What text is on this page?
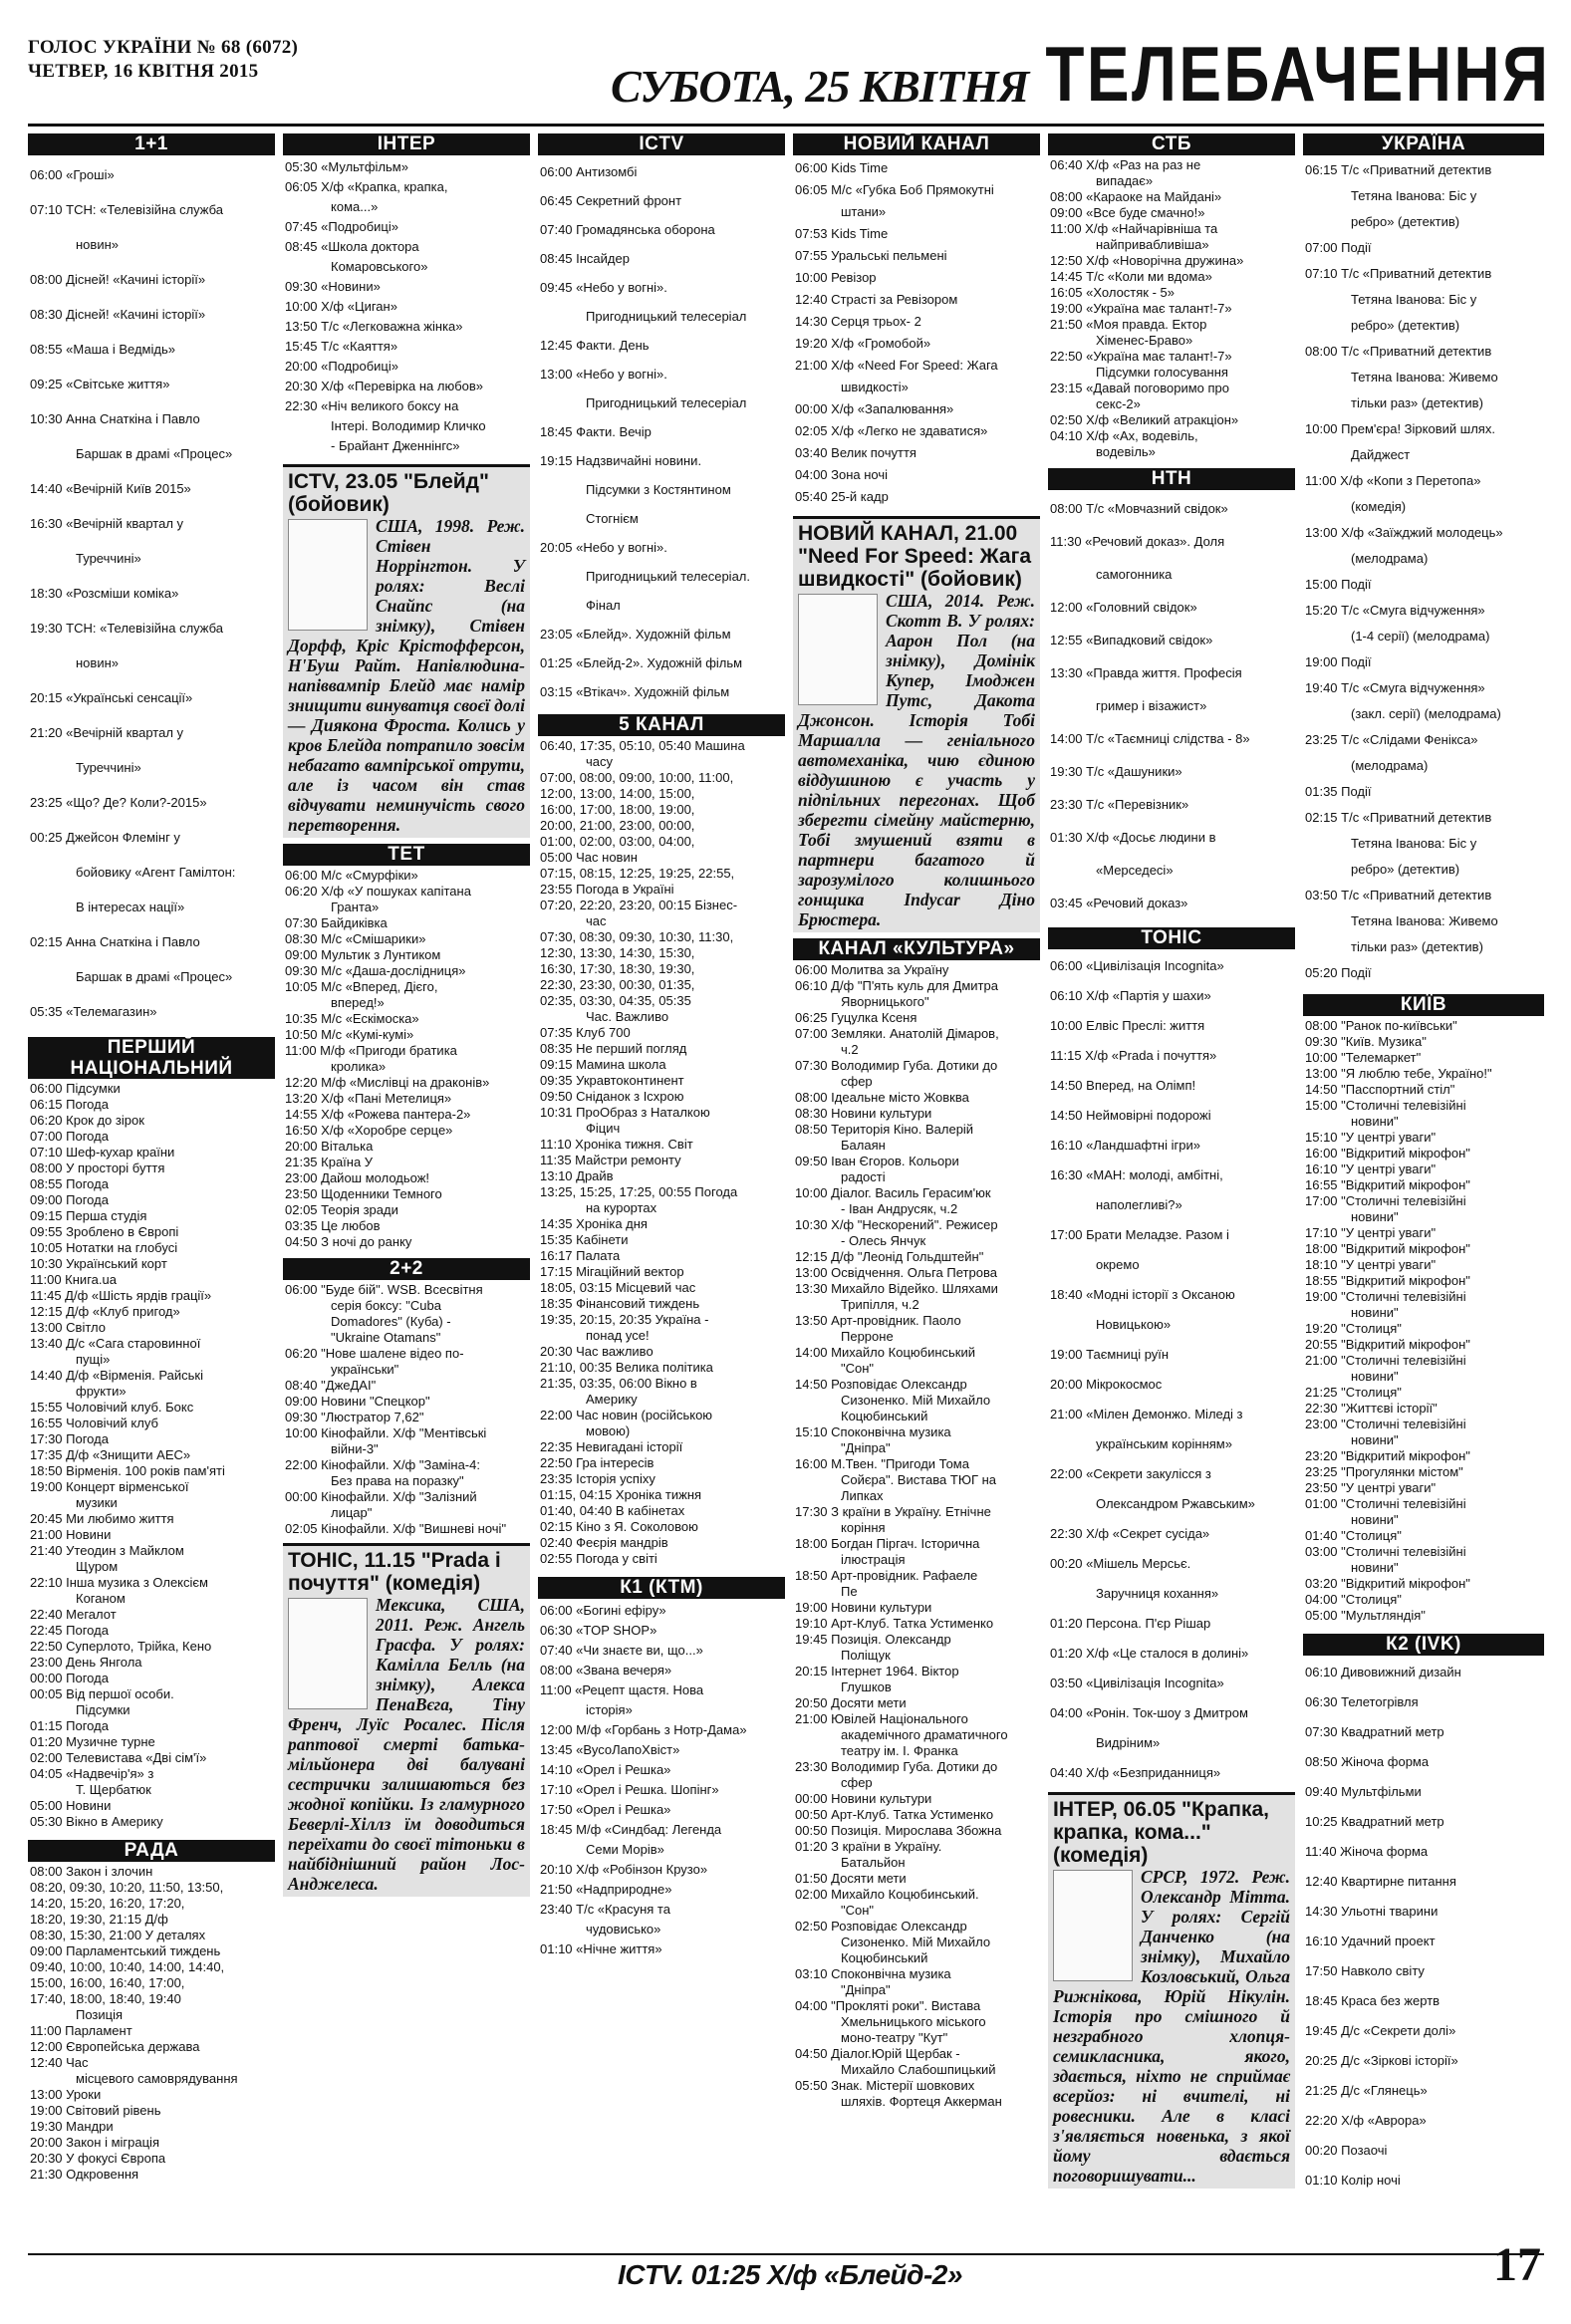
ГОЛОС УКРАЇНИ № 68 (6072)
ЧЕТВЕР, 16 КВІТНЯ 2015	СУБОТА, 25 КВІТНЯ ТЕЛЕБАЧЕННЯ
1+1
06:00 «Гроші»
07:10 ТСН: «Телевізійна служба
новин»
08:00 Дісней! «Качині історії»
08:30 Дісней! «Качині історії»
08:55 «Маша і Ведмідь»
09:25 «Світське життя»
10:30 Анна Снаткіна і Павло
Баршак в драмі «Процес»
14:40 «Вечірній Київ 2015»
16:30 «Вечірній квартал у
Туреччині»
18:30 «Розсміши коміка»
19:30 ТСН: «Телевізійна служба
новин»
20:15 «Українські сенсації»
21:20 «Вечірній квартал у
Туреччині»
23:25 «Що? Де? Коли?-2015»
00:25 Джейсон Флемінг у
бойовику «Агент Гамілтон:
В інтересах нації»
02:15 Анна Снаткіна і Павло
Баршак в драмі «Процес»
05:35 «Телемагазин»
ПЕРШИЙ НАЦІОНАЛЬНИЙ
06:00 Підсумки
06:15 Погода
06:20 Крок до зірок
07:00 Погода
07:10 Шеф-кухар країни
08:00 У просторі буття
08:55 Погода
09:00 Погода
09:15 Перша студія
09:55 Зроблено в Європі
10:05 Нотатки на глобусі
10:30 Український корт
11:00 Книга.ua
11:45 Д/ф «Шість ярдів грації»
12:15 Д/ф «Клуб пригод»
13:00 Світло
13:40 Д/с «Сага старовинної
пущі»
14:40 Д/ф «Вірменія. Райські
фрукти»
15:55 Чоловічий клуб. Бокс
16:55 Чоловічий клуб
17:30 Погода
17:35 Д/ф «Знищити АЕС»
18:50 Вірменія. 100 років пам'яті
19:00 Концерт вірменської
музики
20:45 Ми любимо життя
21:00 Новини
21:40 Утеодин з Майклом
Щуром
22:10 Інша музика з Олексієм
Коганом
22:40 Мегалот
22:45 Погода
22:50 Суперлото, Трійка, Кено
23:00 День Янгола
00:00 Погода
00:05 Від першої особи.
Підсумки
01:15 Погода
01:20 Музичне турне
02:00 Телевистава «Дві сім'ї»
04:05 «Надвечір'я» з
Т. Щербатюк
05:00 Новини
05:30 Вікно в Америку
РАДА
08:00 Закон і злочин
08:20, 09:30, 10:20, 11:50, 13:50,
14:20, 15:20, 16:20, 17:20,
18:20, 19:30, 21:15 Д/ф
08:30, 15:30, 21:00 У деталях
09:00 Парламентський тиждень
09:40, 10:00, 10:40, 14:00, 14:40,
15:00, 16:00, 16:40, 17:00,
17:40, 18:00, 18:40, 19:40
Позиція
11:00 Парламент
12:00 Європейська держава
12:40 Час
місцевого самоврядування
13:00 Уроки
19:00 Світовий рівень
19:30 Мандри
20:00 Закон і міграція
20:30 У фокусі Європа
21:30 Одкровення
ІНТЕР
05:30 «Мультфільм»
06:05 Х/ф «Крапка, крапка,
кома...»
07:45 «Подробиці»
08:45 «Школа доктора
Комаровського»
09:30 «Новини»
10:00 Х/ф «Циган»
13:50 Т/с «Легковажна жінка»
15:45 Т/с «Каяття»
20:00 «Подробиці»
20:30 Х/ф «Перевірка на любов»
22:30 «Ніч великого боксу на
Інтері. Володимир Кличко
- Брайант Дженнінгс»
ICTV, 23.05 "Блейд" (бойовик)
США, 1998. Реж. Стівен Норрінгтон. У ролях: Веслі Снайпс (на знімку), Стівен Дорфф, Кріс Крістофферсон, Н'Буш Райт. Напівлюдина-напіввампір Блейд має намір знищити винуватця своєї долі — Дияконa Фроста. Колись у кров Блейда потрапило зовсім небагато вампірської отрути, але із часом він став відчувати неминучість свого перетворення.
ТЕТ
06:00 М/с «Смурфіки»
06:20 Х/ф «У пошуках капітана
Гранта»
07:30 Байдиківка
08:30 М/с «Смішарики»
09:00 Мультик з Лунтиком
09:30 М/с «Даша-дослідниця»
10:05 М/с «Вперед, Дієго,
вперед!»
10:35 М/с «Ескімоска»
10:50 М/с «Кумі-кумі»
11:00 М/ф «Пригоди братика
кролика»
12:20 М/ф «Мислівці на драконів»
13:20 Х/ф «Пані Метелиця»
14:55 Х/ф «Рожева пантера-2»
16:50 Х/ф «Хоробре серце»
20:00 Віталька
21:35 Країна У
23:00 Дайош молодьож!
23:50 Щоденники Темного
02:05 Теорія зради
03:35 Це любов
04:50 З ночі до ранку
2+2
06:00 "Буде бій". WSB. Всесвітня
серія боксу: "Cuba
Domadores" (Куба) -
"Ukraine Otamans"
06:20 "Нове шалене відео по-
українськи"
08:40 "ДжеДАІ"
09:00 Новини "Спецкор"
09:30 "Люстратор 7,62"
10:00 Кінофайли. Х/ф "Ментівські
війни-3"
22:00 Кінофайли. Х/ф "Заміна-4:
Без права на поразку"
00:00 Кінофайли. Х/ф "Залізний
лицар"
02:05 Кінофайли. Х/ф "Вишневі ночі"
ТОНІС, 11.15 "Prada і почуття" (комедія)
Мексика, США, 2011. Реж. Ангель Грасфа. У ролях: Камілла Белль (на знімку), Алекса ПенаВєга, Тіну Френч, Луїс Росалес. Після раптової смерті батька-мільйонера дві балувані сестрички залишаються без жодної копійки. Із гламурного Беверлі-Хіллз їм доводиться переїхати до своєї тітоньки в найбіднішний район Лос-Анджелеса.
ICTV
06:00 Антизомбі
06:45 Секретний фронт
07:40 Громадянська оборона
08:45 Інсайдер
09:45 «Небо у вогні».
Пригодницький телесеріал
12:45 Факти. День
13:00 «Небо у вогні».
Пригодницький телесеріал
18:45 Факти. Вечір
19:15 Надзвичайні новини.
Підсумки з Костянтином
Стогнієм
20:05 «Небо у вогні».
Пригодницький телесеріал.
Фінал
23:05 «Блейд». Художній фільм
01:25 «Блейд-2». Художній фільм
03:15 «Втікач». Художній фільм
5 КАНАЛ
06:40, 17:35, 05:10, 05:40 Машина
часу
07:00, 08:00, 09:00, 10:00, 11:00,
12:00, 13:00, 14:00, 15:00,
16:00, 17:00, 18:00, 19:00,
20:00, 21:00, 23:00, 00:00,
01:00, 02:00, 03:00, 04:00,
05:00 Час новин
07:15, 08:15, 12:25, 19:25, 22:55,
23:55 Погода в Україні
07:20, 22:20, 23:20, 00:15 Бізнес-
час
07:30, 08:30, 09:30, 10:30, 11:30,
12:30, 13:30, 14:30, 15:30,
16:30, 17:30, 18:30, 19:30,
22:30, 23:30, 00:30, 01:35,
02:35, 03:30, 04:35, 05:35
Час. Важливо
07:35 Клуб 700
08:35 Не перший погляд
09:15 Мамина школа
09:35 Укравтоконтинент
09:50 Сніданок з Ісхрою
10:31 ПроОбраз з Наталкою
Фіцич
11:10 Хроніка тижня. Світ
11:35 Майстри ремонту
13:10 Драйв
13:25, 15:25, 17:25, 00:55 Погода
на курортах
14:35 Хроніка дня
15:35 Кабінети
16:17 Палата
17:15 Мігаційний вектор
18:05, 03:15 Місцевий час
18:35 Фінансовий тиждень
19:35, 20:15, 20:35 Україна -
понад усе!
20:30 Час важливо
21:10, 00:35 Велика політика
21:35, 03:35, 06:00 Вікно в
Америку
22:00 Час новин (російською
мовою)
22:35 Невигадані історії
22:50 Гра інтересів
23:35 Історія успіху
01:15, 04:15 Хроніка тижня
01:40, 04:40 В кабінетах
02:15 Кіно з Я. Соколовою
02:40 Феєрія мандрів
02:55 Погода у світі
К1 (КТМ)
06:00 «Богині ефіру»
06:30 «TOP SHOP»
07:40 «Чи знаєте ви, що...»
08:00 «Звана вечеря»
11:00 «Рецепт щастя. Нова
історія»
12:00 М/ф «Горбань з Нотр-Дама»
13:45 «ВусоЛапоХвіст»
14:10 «Орел і Решка»
17:10 «Орел і Решка. Шопінг»
17:50 «Орел і Решка»
18:45 М/ф «Синдбад: Легенда
Семи Морів»
20:10 Х/ф «Робінзон Крузо»
21:50 «Надприродне»
23:40 Т/с «Красуня та
чудовисько»
01:10 «Нічне життя»
НОВИЙ КАНАЛ
06:00 Kids Time
06:05 М/с «Губка Боб Прямокутні
штани»
07:53 Kids Time
07:55 Уральські пельмені
10:00 Ревізор
12:40 Стрaсті за Ревізором
14:30 Серця трьох- 2
19:20 Х/ф «Громобой»
21:00 Х/ф «Need For Speed: Жага
швидкості»
00:00 Х/ф «Запалювання»
02:05 Х/ф «Легко не здаватися»
03:40 Велик почуття
04:00 Зона ночі
05:40 25-й кадр
НОВИЙ КАНАЛ, 21.00 "Need For Speed: Жага швидкості" (бойовик)
США, 2014. Реж. Скотт В. У ролях: Аарон Пол (на знімку), Домінік Купер, Імоджен Путс, Дакота Джонсон. Історія Тобі Маршалла — геніального автомеханіка, чию єдиною віддушиною є участь у підпільних перегонах. Щоб зберегти сімейну майстерню, Тобі змушений взяти в партнери багатого й зарозумілого колишнього гонщика Indycar Діно Брюстера.
КАНАЛ «КУЛЬТУРА»
06:00 Молитва за Україну
06:10 Д/ф "П'ять куль для Дмитра
Яворницького"
06:25 Гуцулка Ксеня
07:00 Земляки. Анатолій Дімаров,
ч.2
07:30 Володимир Губа. Дотики до
сфер
08:00 Ідеальне місто Жовква
08:30 Новини культури
08:50 Територія Кіно. Валерій
Балаян
09:50 Іван Єгоров. Кольори
радості
10:00 Діалог. Василь Герасим'юк
- Іван Андрусяк, ч.2
10:30 Х/ф "Нескорений". Режисер
- Олесь Янчук
12:15 Д/ф "Леонід Гольдштейн"
13:00 Освідчення. Ольга Петрова
13:30 Михайло Відейко. Шляхами
Трипілля, ч.2
13:50 Арт-провідник. Паоло
Перроне
14:00 Михайло Коцюбинський
"Сон"
14:50 Розповідає Олександр
Сизоненко. Мій Михайло
Коцюбинський
15:10 Споконвічна музика
"Дніпра"
16:00 М.Твен. "Пригоди Тома
Сойєра". Вистава ТЮГ на
Липках
17:30 З країни в Україну. Етнічне
коріння
18:00 Богдан Піргач. Історична
ілюстрація
18:50 Арт-провідник. Рафаеле
Пе
19:00 Новини культури
19:10 Арт-Клуб. Татка Устименко
19:45 Позиція. Олександр
Поліщук
20:15 Інтернет 1964. Віктор
Глушков
20:50 Досяти мети
21:00 Ювілей Національного
академічного драматичного
театру ім. І. Франка
23:30 Володимир Губа. Дотики до
сфер
00:00 Новини культури
00:50 Арт-Клуб. Татка Устименко
00:50 Позиція. Мирослава Збожна
01:20 З країни в Україну.
Батальйон
01:50 Досяти мети
02:00 Михайло Коцюбинський.
"Сон"
02:50 Розповідає Олександр
Сизоненко. Мій Михайло
Коцюбинський
03:10 Споконвічна музика
"Дніпра"
04:00 "Проклятi роки". Вистава
Хмельницького міського
моно-театру "Кут"
04:50 Діалог.Юрій Щербак -
Михайло Слабошпицький
05:50 Знак. Містерії шовкових
шляхів. Фортеця Аккерман
СТБ
06:40 Х/ф «Раз на раз не
випадає»
08:00 «Караоке на Майдані»
09:00 «Все буде смачно!»
11:00 Х/ф «Найчарівніша та
найпривабливіша»
12:50 Х/ф «Новорічна дружина»
14:45 Т/с «Коли ми вдома»
16:05 «Холостяк - 5»
19:00 «Україна має талант!-7»
21:50 «Моя правда. Ектор
Хіменес-Браво»
22:50 «Україна має талант!-7»
Підсумки голосування
23:15 «Давай поговоримо про
секс-2»
02:50 Х/ф «Великий атракціон»
04:10 Х/ф «Ах, водевіль,
водевіль»
НТН
08:00 Т/с «Мовчазний свідок»
11:30 «Речовий доказ». Доля
самогонника
12:00 «Головний свідок»
12:55 «Випадковий свідок»
13:30 «Правда життя. Професія
гример і візажист»
14:00 Т/с «Таємниці слідства - 8»
19:30 Т/с «Дашуники»
23:30 Т/с «Перевізник»
01:30 Х/ф «Досьє людини в
«Мерседесі»
03:45 «Речовий доказ»
ТОНІС
06:00 «Цивілізація Incognita»
06:10 Х/ф «Партія у шахи»
10:00 Елвіс Преслі: життя
11:15 Х/ф «Prada і почуття»
14:50 Вперед, на Олімп!
14:50 Неймовірні подорожі
16:10 «Ландшафтні ігри»
16:30 «МАН: молоді, амбітні,
наполегливі?»
17:00 Брати Меладзе. Разом і
окремо
18:40 «Модні історії з Оксаною
Новицькою»
19:00 Таємниці руїн
20:00 Мікрокосмос
21:00 «Мілен Демонжо. Міледі з
українським корінням»
22:00 «Секрети закулісся з
Олександром Ржавським»
22:30 Х/ф «Секрет сусіда»
00:20 «Мішель Мерсьє.
Заручниця кохання»
01:20 Персона. П'єр Рішар
01:20 Х/ф «Це сталося в долині»
03:50 «Цивілізація Incognita»
04:00 «Ронін. Ток-шоу з Дмитром
Видріним»
04:40 Х/ф «Безприданниця»
ІНТЕР, 06.05 "Крапка, крапка, кома..." (комедія)
СРСР, 1972. Реж. Олександр Мітта. У ролях: Сергій Данченко (на знімку), Михайло Козловський, Ольга Рижнікова, Юрій Нікулін. Історія про смішного й незграбного хлопця-семикласника, якого, здається, ніхто не сприймає всерйоз: ні вчителі, ні ровесники. Але в класі з'являється новенька, з якої йому вдається поговоришувати...
УКРАЇНА
06:15 Т/с «Приватний детектив
Тетяна Іванова: Біс у
ребро» (детектив)
07:00 Події
07:10 Т/с «Приватний детектив
Тетяна Іванова: Біс у
ребро» (детектив)
08:00 Т/с «Приватний детектив
Тетяна Іванова: Живемо
тільки раз» (детектив)
10:00 Прем'єра! Зірковий шлях.
Дайджест
11:00 Х/ф «Копи з Перетопа»
(комедія)
13:00 Х/ф «Заїжджий молодець»
(мелодрама)
15:00 Події
15:20 Т/с «Смуга відчуження»
(1-4 серії) (мелодрама)
19:00 Події
19:40 Т/с «Смуга відчуження»
(закл. серії) (мелодрама)
23:25 Т/с «Слідами Фенікса»
(мелодрама)
01:35 Події
02:15 Т/с «Приватний детектив
Тетяна Іванова: Біс у
ребро» (детектив)
03:50 Т/с «Приватний детектив
Тетяна Іванова: Живемо
тільки раз» (детектив)
05:20 Події
КИЇВ
08:00 "Ранок по-київськи"
09:30 "Київ. Музика"
10:00 "Телемаркет"
13:00 "Я люблю тебе, Україно!"
14:50 "Пасспортний стіл"
15:00 "Столичні телевізійні
новини"
15:10 "У центрі уваги"
16:00 "Відкритий мікрофон"
16:10 "У центрі уваги"
16:55 "Відкритий мікрофон"
17:00 "Столичні телевізійні
новини"
17:10 "У центрі уваги"
18:00 "Відкритий мікрофон"
18:10 "У центрі уваги"
18:55 "Відкритий мікрофон"
19:00 "Столичні телевізійні
новини"
19:20 "Столиця"
20:55 "Відкритий мікрофон"
21:00 "Столичні телевізійні
новини"
21:25 "Столиця"
22:30 "Життєві історії"
23:00 "Столичні телевізійні
новини"
23:20 "Відкритий мікрофон"
23:25 "Прогулянки містом"
23:50 "У центрі уваги"
01:00 "Столичні телевізійні
новини"
01:40 "Столиця"
03:00 "Столичні телевізійні
новини"
03:20 "Відкритий мікрофон"
04:00 "Столиця"
05:00 "Мультляндія"
К2 (IVK)
06:10 Дивовижний дизайн
06:30 Телетогрівля
07:30 Квадратний метр
08:50 Жіноча форма
09:40 Мультфільми
10:25 Квадратний метр
11:40 Жіноча форма
12:40 Квартирне питання
14:30 Ульотні тварини
16:10 Удачний проект
17:50 Навколо світу
18:45 Краса без жертв
19:45 Д/с «Секрети долі»
20:25 Д/с «Зіркові історії»
21:25 Д/с «Глянець»
22:20 Х/ф «Аврора»
00:20 Позаочі
01:10 Колір ночі
ICTV. 01:25 Х/ф «Блейд-2»	17
